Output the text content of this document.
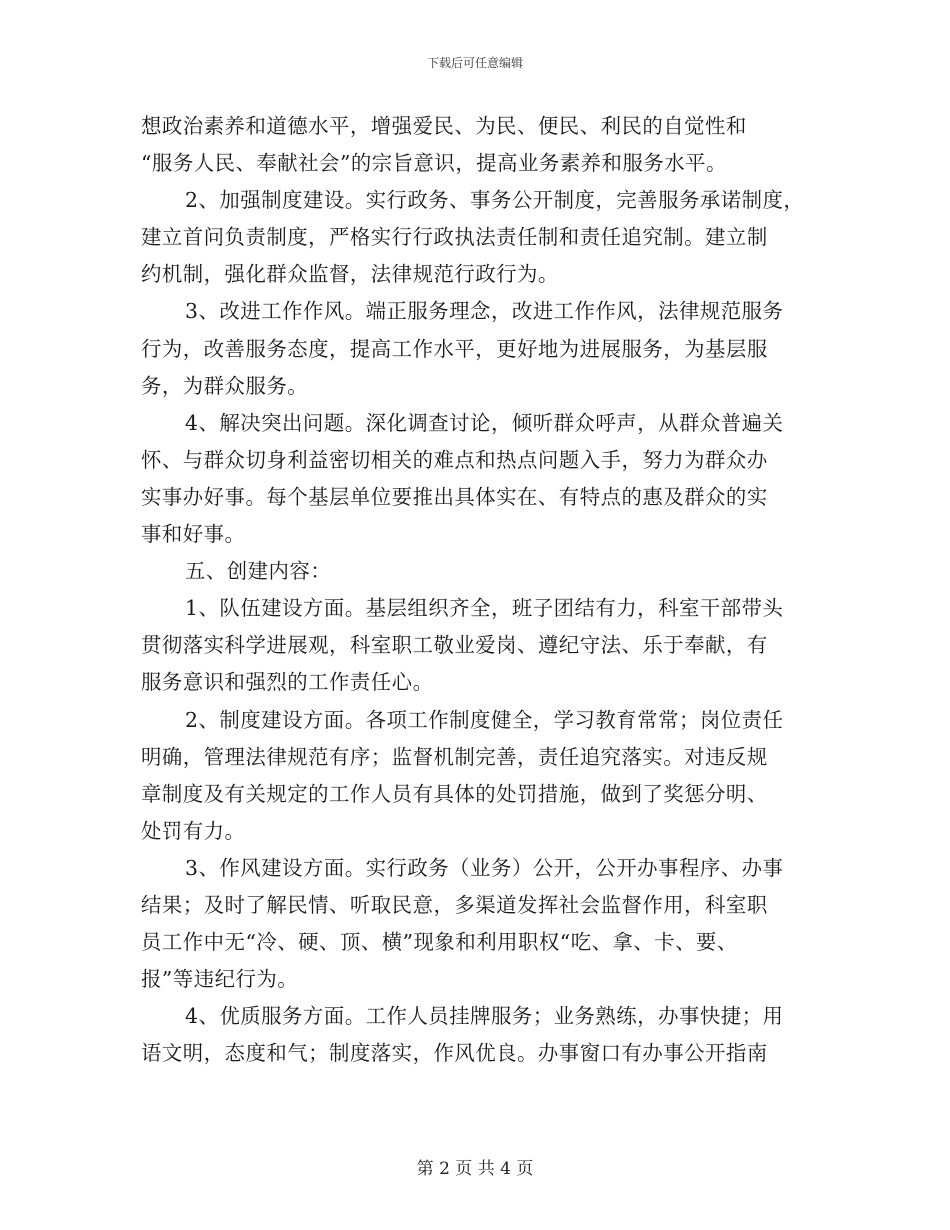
下载后可任意编辑
想政治素养和道德水平，增强爱民、为民、便民、利民的自觉性和
“服务人民、奉献社会”的宗旨意识，提高业务素养和服务水平。
2、加强制度建设。实行政务、事务公开制度，完善服务承诺制度，
建立首问负责制度，严格实行行政执法责任制和责任追究制。建立制
约机制，强化群众监督，法律规范行政行为。
3、改进工作作风。端正服务理念，改进工作作风，法律规范服务
行为，改善服务态度，提高工作水平，更好地为进展服务，为基层服
务，为群众服务。
4、解决突出问题。深化调查讨论，倾听群众呼声，从群众普遍关
怀、与群众切身利益密切相关的难点和热点问题入手，努力为群众办
实事办好事。每个基层单位要推出具体实在、有特点的惠及群众的实
事和好事。
五、创建内容：
1、队伍建设方面。基层组织齐全，班子团结有力，科室干部带头
贯彻落实科学进展观，科室职工敬业爱岗、遵纪守法、乐于奉献，有
服务意识和强烈的工作责任心。
2、制度建设方面。各项工作制度健全，学习教育常常；岗位责任
明确，管理法律规范有序；监督机制完善，责任追究落实。对违反规
章制度及有关规定的工作人员有具体的处罚措施，做到了奖惩分明、
处罚有力。
3、作风建设方面。实行政务（业务）公开，公开办事程序、办事
结果；及时了解民情、听取民意，多渠道发挥社会监督作用，科室职
员工作中无“冷、硬、顶、横”现象和利用职权“吃、拿、卡、要、
报”等违纪行为。
4、优质服务方面。工作人员挂牌服务；业务熟练，办事快捷；用
语文明，态度和气；制度落实，作风优良。办事窗口有办事公开指南
第 2 页 共 4 页
